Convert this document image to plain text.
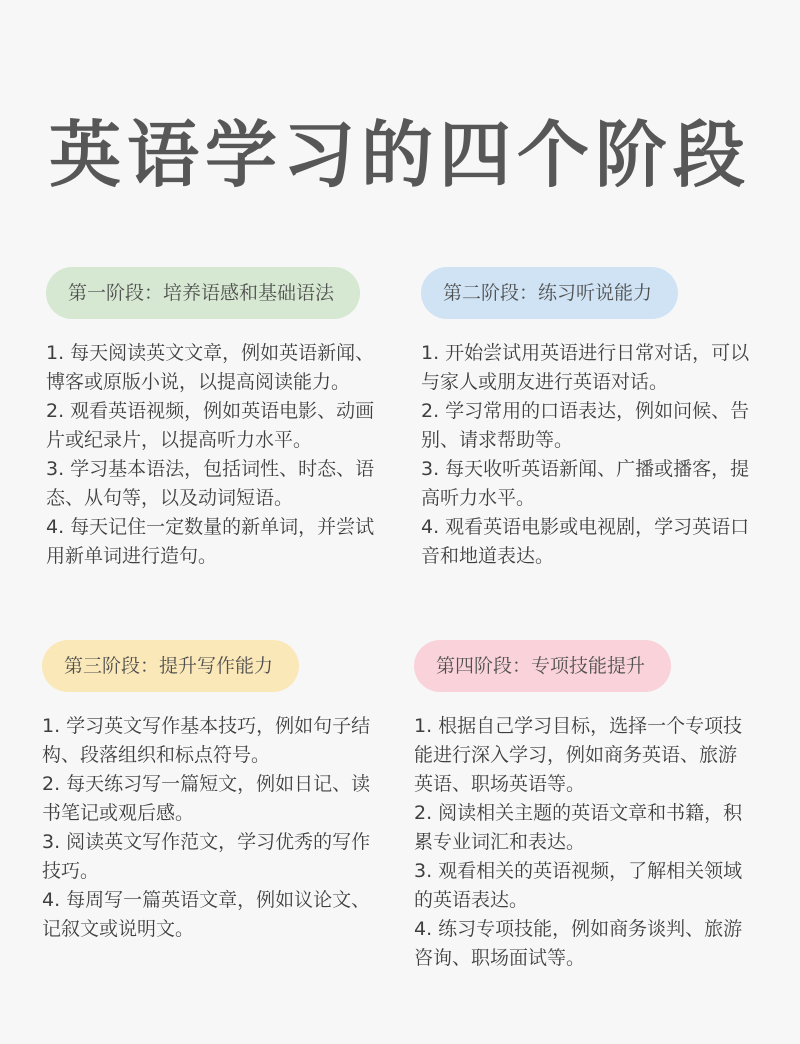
英语学习的四个阶段
第一阶段：培养语感和基础语法
1. 每天阅读英文文章，例如英语新闻、博客或原版小说，以提高阅读能力。
2. 观看英语视频，例如英语电影、动画片或纪录片，以提高听力水平。
3. 学习基本语法，包括词性、时态、语态、从句等，以及动词短语。
4. 每天记住一定数量的新单词，并尝试用新单词进行造句。
第二阶段：练习听说能力
1. 开始尝试用英语进行日常对话，可以与家人或朋友进行英语对话。
2. 学习常用的口语表达，例如问候、告别、请求帮助等。
3. 每天收听英语新闻、广播或播客，提高听力水平。
4. 观看英语电影或电视剧，学习英语口音和地道表达。
第三阶段：提升写作能力
1. 学习英文写作基本技巧，例如句子结构、段落组织和标点符号。
2. 每天练习写一篇短文，例如日记、读书笔记或观后感。
3. 阅读英文写作范文，学习优秀的写作技巧。
4. 每周写一篇英语文章，例如议论文、记叙文或说明文。
第四阶段：专项技能提升
1. 根据自己学习目标，选择一个专项技能进行深入学习，例如商务英语、旅游英语、职场英语等。
2. 阅读相关主题的英语文章和书籍，积累专业词汇和表达。
3. 观看相关的英语视频，了解相关领域的英语表达。
4. 练习专项技能，例如商务谈判、旅游咨询、职场面试等。
